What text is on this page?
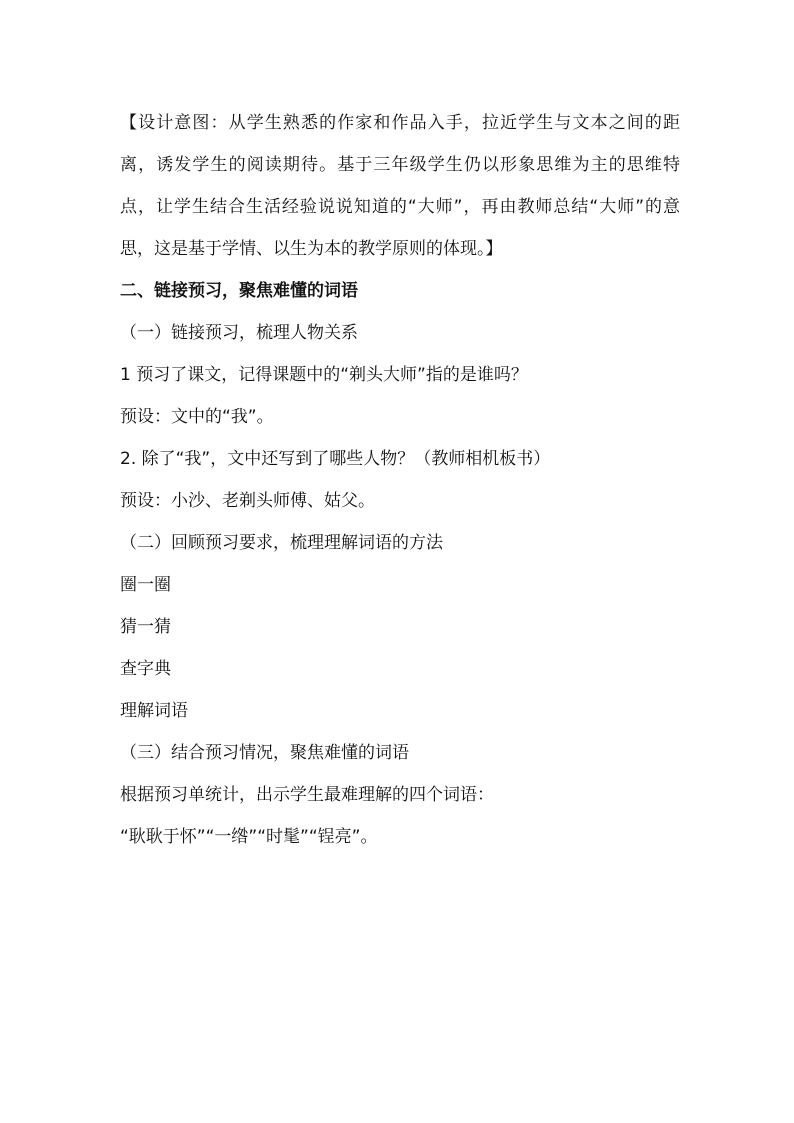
【设计意图：从学生熟悉的作家和作品入手，拉近学生与文本之间的距离，诱发学生的阅读期待。基于三年级学生仍以形象思维为主的思维特点，让学生结合生活经验说说知道的“大师”，再由教师总结“大师”的意思，这是基于学情、以生为本的教学原则的体现。】

二、链接预习，聚焦难懂的词语

（一）链接预习，梳理人物关系

1 预习了课文，记得课题中的“剃头大师”指的是谁吗？

预设：文中的“我”。

2. 除了“我”，文中还写到了哪些人物？（教师相机板书）

预设：小沙、老剃头师傅、姑父。

（二）回顾预习要求，梳理理解词语的方法

圈一圈

猜一猜

查字典

理解词语

（三）结合预习情况，聚焦难懂的词语

根据预习单统计，出示学生最难理解的四个词语：

“耿耿于怀”“一绺”“时髦”“锃亮”。
